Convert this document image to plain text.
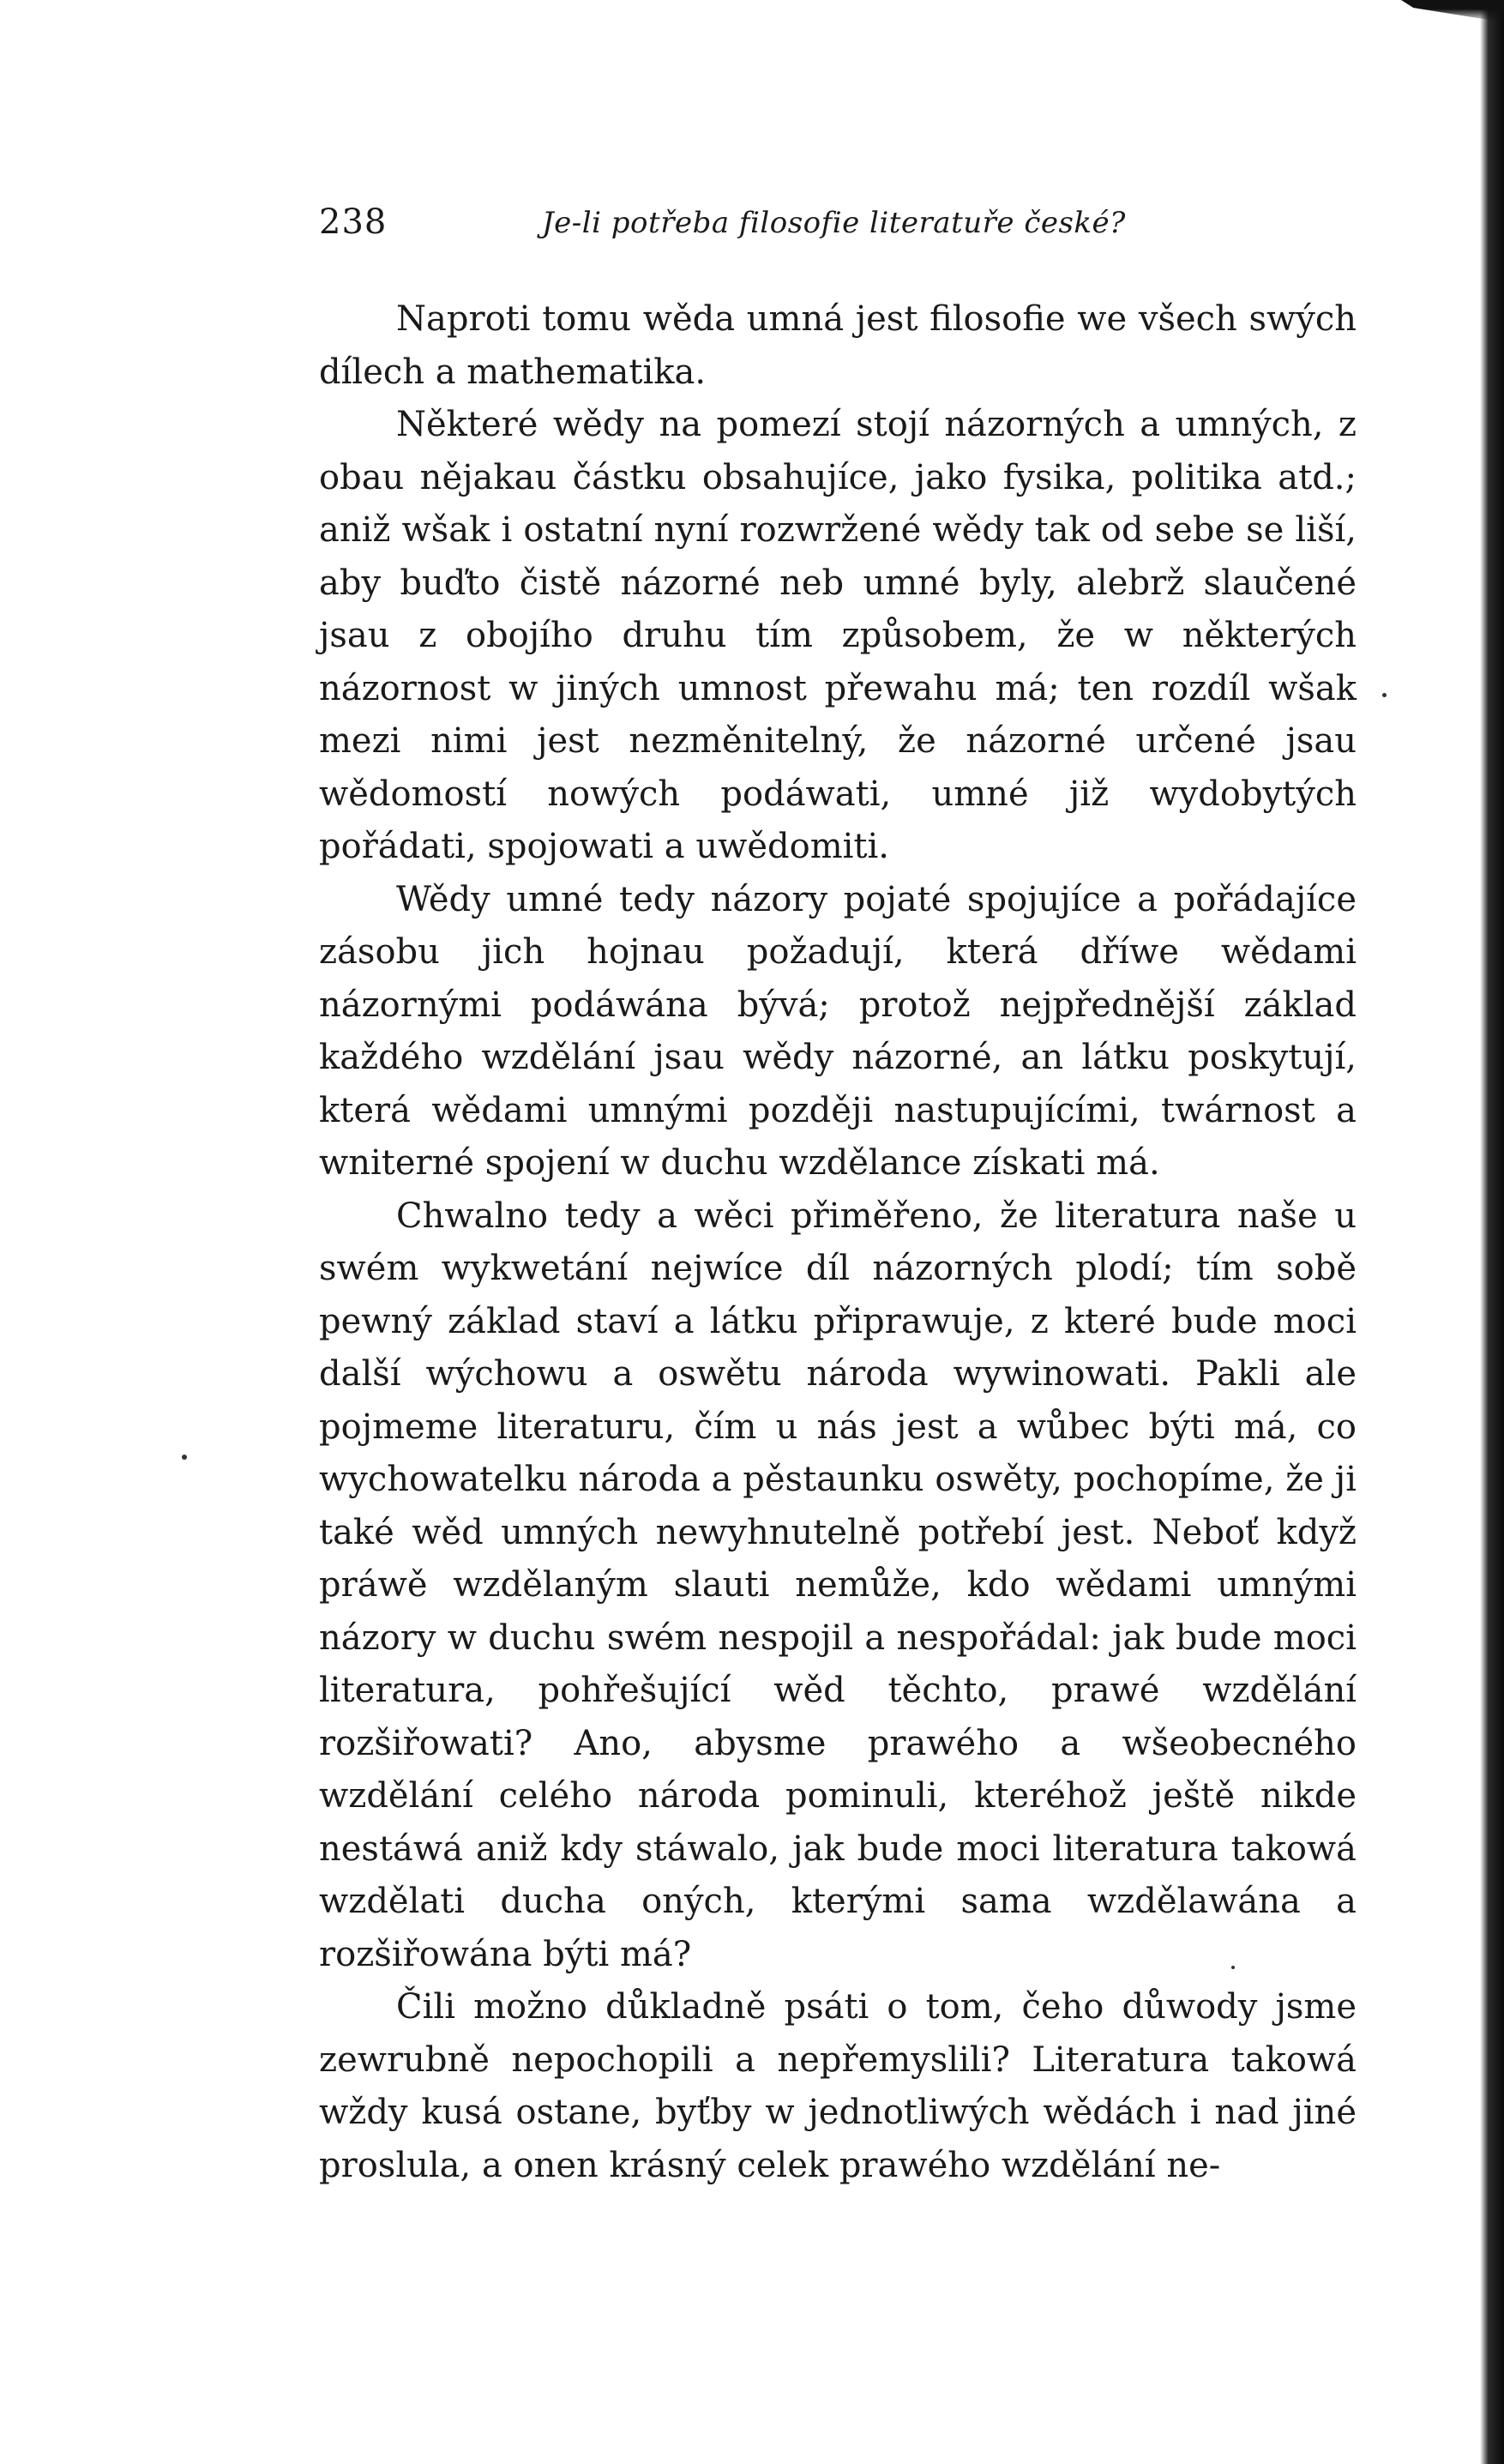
238	Je-li potřeba filosofie literatuře české?

Naproti tomu wěda umná jest filosofie we všech swých dílech a mathematika.

Některé wědy na pomezí stojí názorných a umných, z obau nějakau částku obsahujíce, jako fysika, politika atd.; aniž wšak i ostatní nyní rozwržené wědy tak od sebe se liší, aby buďto čistě názorné neb umné byly, alebrž slaučené jsau z obojího druhu tím způsobem, že w některých názornost w jiných umnost přewahu má; ten rozdíl wšak mezi nimi jest nezměnitelný, že názorné určené jsau wědomostí nowých podáwati, umné již wydobytých pořádati, spojowati a uwědomiti.

Wědy umné tedy názory pojaté spojujíce a pořádajíce zásobu jich hojnau požadují, která dříwe wědami názornými podáwána bývá; protož nejpřednější základ každého wzdělání jsau wědy názorné, an látku poskytují, která wědami umnými později nastupujícími, twárnost a wniterné spojení w duchu wzdělance získati má.

Chwalno tedy a wěci přiměřeno, že literatura naše u swém wykwetání nejwíce díl názorných plodí; tím sobě pewný základ staví a látku připrawuje, z které bude moci další wýchowu a oswětu národa wywinowati. Pakli ale pojmeme literaturu, čím u nás jest a wůbec býti má, co wychowatelku národa a pěstaunku oswěty, pochopíme, že ji také wěd umných newyhnutelně potřebí jest. Neboť když práwě wzdělaným slauti nemůže, kdo wědami umnými názory w duchu swém nespojil a nespořádal: jak bude moci literatura, pohřešující wěd těchto, prawé wzdělání rozšiřowati? Ano, abysme prawého a wšeobecného wzdělání celého národa pominuli, kteréhož ještě nikde nestáwá aniž kdy stáwalo, jak bude moci literatura takowá wzdělati ducha oných, kterými sama wzdělawána a rozšiřowána býti má?

Čili možno důkladně psáti o tom, čeho důwody jsme zewrubně nepochopili a nepřemyslili? Literatura takowá wždy kusá ostane, byťby w jednotliwých wědách i nad jiné proslula, a onen krásný celek prawého wzdělání ne-
